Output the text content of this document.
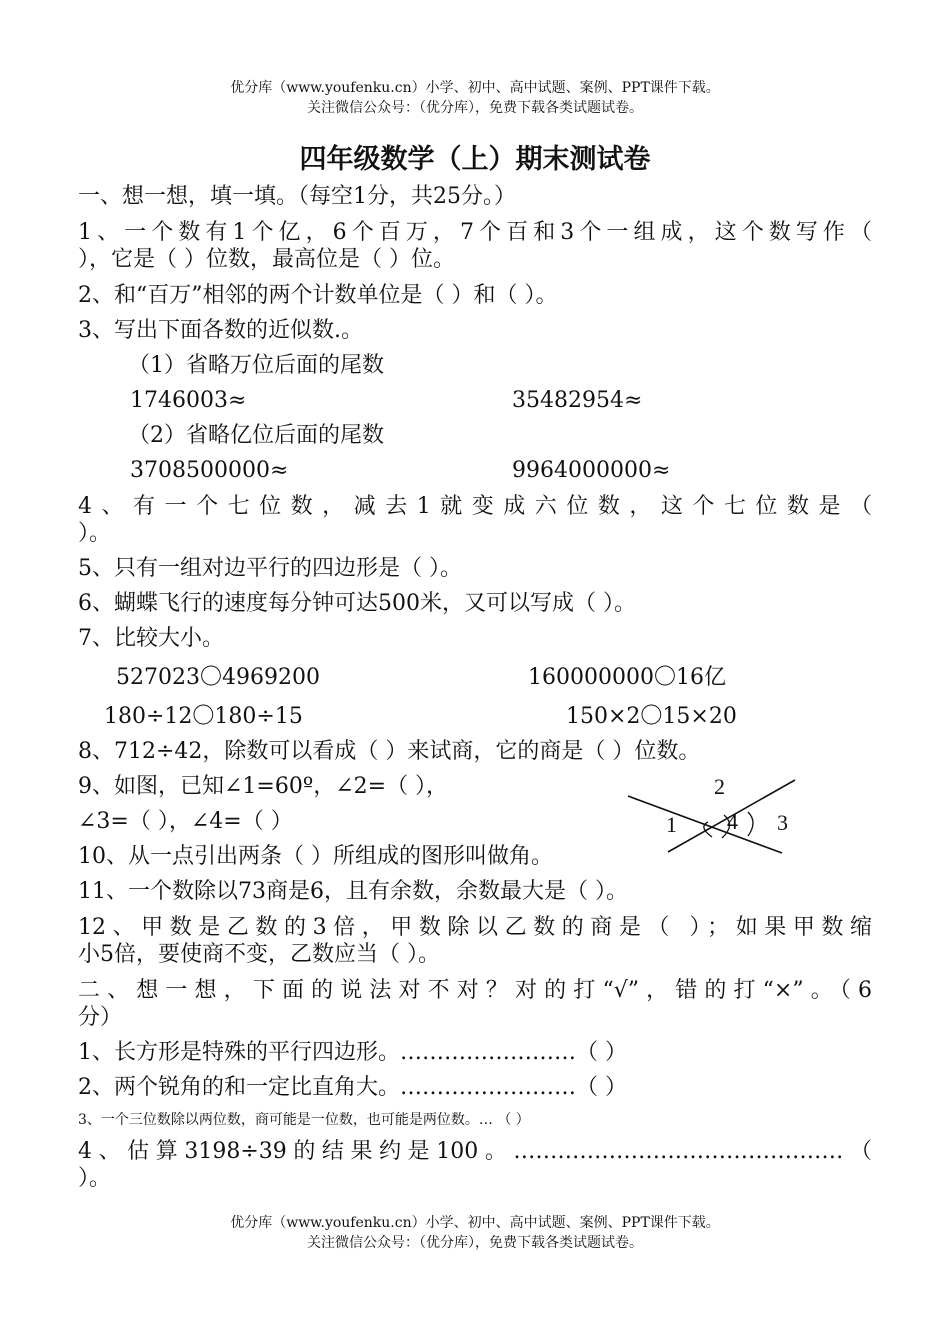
优分库（www.youfenku.cn）小学、初中、高中试题、案例、PPT课件下载。
关注微信公众号：（优分库），免费下载各类试题试卷。
四年级数学（上）期末测试卷
一、想一想，填一填。（每空1分，共25分。）
1、一个数有1个亿，6个百万，7个百和3个一组成，这个数写作（
），它是（ ）位数，最高位是（ ）位。
2、和“百万”相邻的两个计数单位是（ ）和（ ）。
3、写出下面各数的近似数.。
（1）省略万位后面的尾数
1746003≈	35482954≈
（2）省略亿位后面的尾数
3708500000≈	9964000000≈
4、有一个七位数，减去1就变成六位数，这个七位数是（
）。
5、只有一组对边平行的四边形是（ ）。
6、蝴蝶飞行的速度每分钟可达500米，又可以写成（ ）。
7、比较大小。
527023〇4969200	160000000〇16亿
180÷12〇180÷15	150×2〇15×20
8、712÷42，除数可以看成（ ）来试商，它的商是（ ）位数。
9、如图，已知∠1=60º，∠2=（ ），
∠3=（ ），∠4=（ ）	1
2
3
4
10、从一点引出两条（ ）所组成的图形叫做角。
11、一个数除以73商是6，且有余数，余数最大是（ ）。
12、甲数是乙数的3倍，甲数除以乙数的商是（ ）；如果甲数缩
小5倍，要使商不变，乙数应当（ ）。
二、想一想，下面的说法对不对？对的打“√”，错的打“×”。（6
分）
1、长方形是特殊的平行四边形。……………………（ ）
2、两个锐角的和一定比直角大。……………………（ ）
3、一个三位数除以两位数，商可能是一位数，也可能是两位数。… （ ）
4、估算3198÷39的结果约是100。………………………………………（
）。
优分库（www.youfenku.cn）小学、初中、高中试题、案例、PPT课件下载。
关注微信公众号：（优分库），免费下载各类试题试卷。
